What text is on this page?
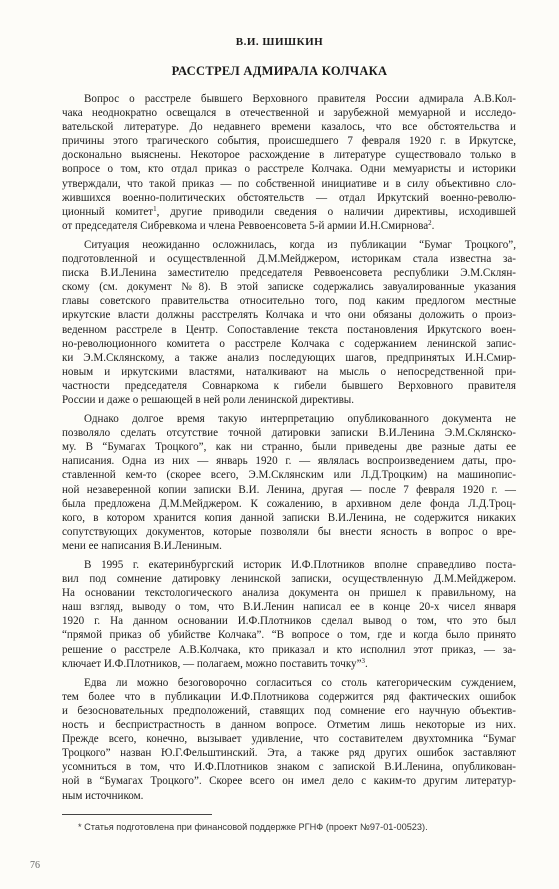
В.И. ШИШКИН
РАССТРЕЛ АДМИРАЛА КОЛЧАКА
Вопрос о расстреле бывшего Верховного правителя России адмирала А.В.Кол-
чака неоднократно освещался в отечественной и зарубежной мемуарной и исследо-
вательской литературе. До недавнего времени казалось, что все обстоятельства и
причины этого трагического события, происшедшего 7 февраля 1920 г. в Иркутске,
досконально выяснены. Некоторое расхождение в литературе существовало только в
вопросе о том, кто отдал приказ о расстреле Колчака. Одни мемуаристы и историки
утверждали, что такой приказ — по собственной инициативе и в силу объективно сло-
жившихся военно-политических обстоятельств — отдал Иркутский военно-револю-
ционный комитет$^1$, другие приводили сведения о наличии директивы, исходившей
от председателя Сибревкома и члена Реввоенсовета 5-й армии И.Н.Смирнова$^2$.
Ситуация неожиданно осложнилась, когда из публикации “Бумаг Троцкого”,
подготовленной и осуществленной Д.М.Мейджером, историкам стала известна за-
писка В.И.Ленина заместителю председателя Реввоенсовета республики Э.М.Склян-
скому (см. документ №8). В этой записке содержались завуалированные указания
главы советского правительства относительно того, под каким предлогом местные
иркутские власти должны расстрелять Колчака и что они обязаны доложить о произ-
веденном расстреле в Центр. Сопоставление текста постановления Иркутского воен-
но-революционного комитета о расстреле Колчака с содержанием ленинской запис-
ки Э.М.Склянскому, а также анализ последующих шагов, предпринятых И.Н.Смир-
новым и иркутскими властями, наталкивают на мысль о непосредственной при-
частности председателя Совнаркома к гибели бывшего Верховного правителя
России и даже о решающей в ней роли ленинской директивы.
Однако долгое время такую интерпретацию опубликованного документа не
позволяло сделать отсутствие точной датировки записки В.И.Ленина Э.М.Склянско-
му. В “Бумагах Троцкого”, как ни странно, были приведены две разные даты ее
написания. Одна из них — январь 1920 г. — являлась воспроизведением даты, про-
ставленной кем-то (скорее всего, Э.М.Склянским или Л.Д.Троцким) на машинопис-
ной незаверенной копии записки В.И. Ленина, другая — после 7 февраля 1920 г. —
была предложена Д.М.Мейджером. К сожалению, в архивном деле фонда Л.Д.Троц-
кого, в котором хранится копия данной записки В.И.Ленина, не содержится никаких
сопутствующих документов, которые позволяли бы внести ясность в вопрос о вре-
мени ее написания В.И.Лениным.
В 1995 г. екатеринбургский историк И.Ф.Плотников вполне справедливо поста-
вил под сомнение датировку ленинской записки, осуществленную Д.М.Мейджером.
На основании текстологического анализа документа он пришел к правильному, на
наш взгляд, выводу о том, что В.И.Ленин написал ее в конце 20-х чисел января
1920 г. На данном основании И.Ф.Плотников сделал вывод о том, что это был
“прямой приказ об убийстве Колчака”. “В вопросе о том, где и когда было принято
решение о расстреле А.В.Колчака, кто приказал и кто исполнил этот приказ, — за-
ключает И.Ф.Плотников, — полагаем, можно поставить точку”$^3$.
Едва ли можно безоговорочно согласиться со столь категорическим суждением,
тем более что в публикации И.Ф.Плотникова содержится ряд фактических ошибок
и безосновательных предположений, ставящих под сомнение его научную объектив-
ность и беспристрастность в данном вопросе. Отметим лишь некоторые из них.
Прежде всего, конечно, вызывает удивление, что составителем двухтомника “Бумаг
Троцкого” назван Ю.Г.Фельштинский. Эта, а также ряд других ошибок заставляют
усомниться в том, что И.Ф.Плотников знаком с запиской В.И.Ленина, опубликован-
ной в “Бумагах Троцкого”. Скорее всего он имел дело с каким-то другим литератур-
ным источником.
* Статья подготовлена при финансовой поддержке РГНФ (проект №97-01-00523).
76
